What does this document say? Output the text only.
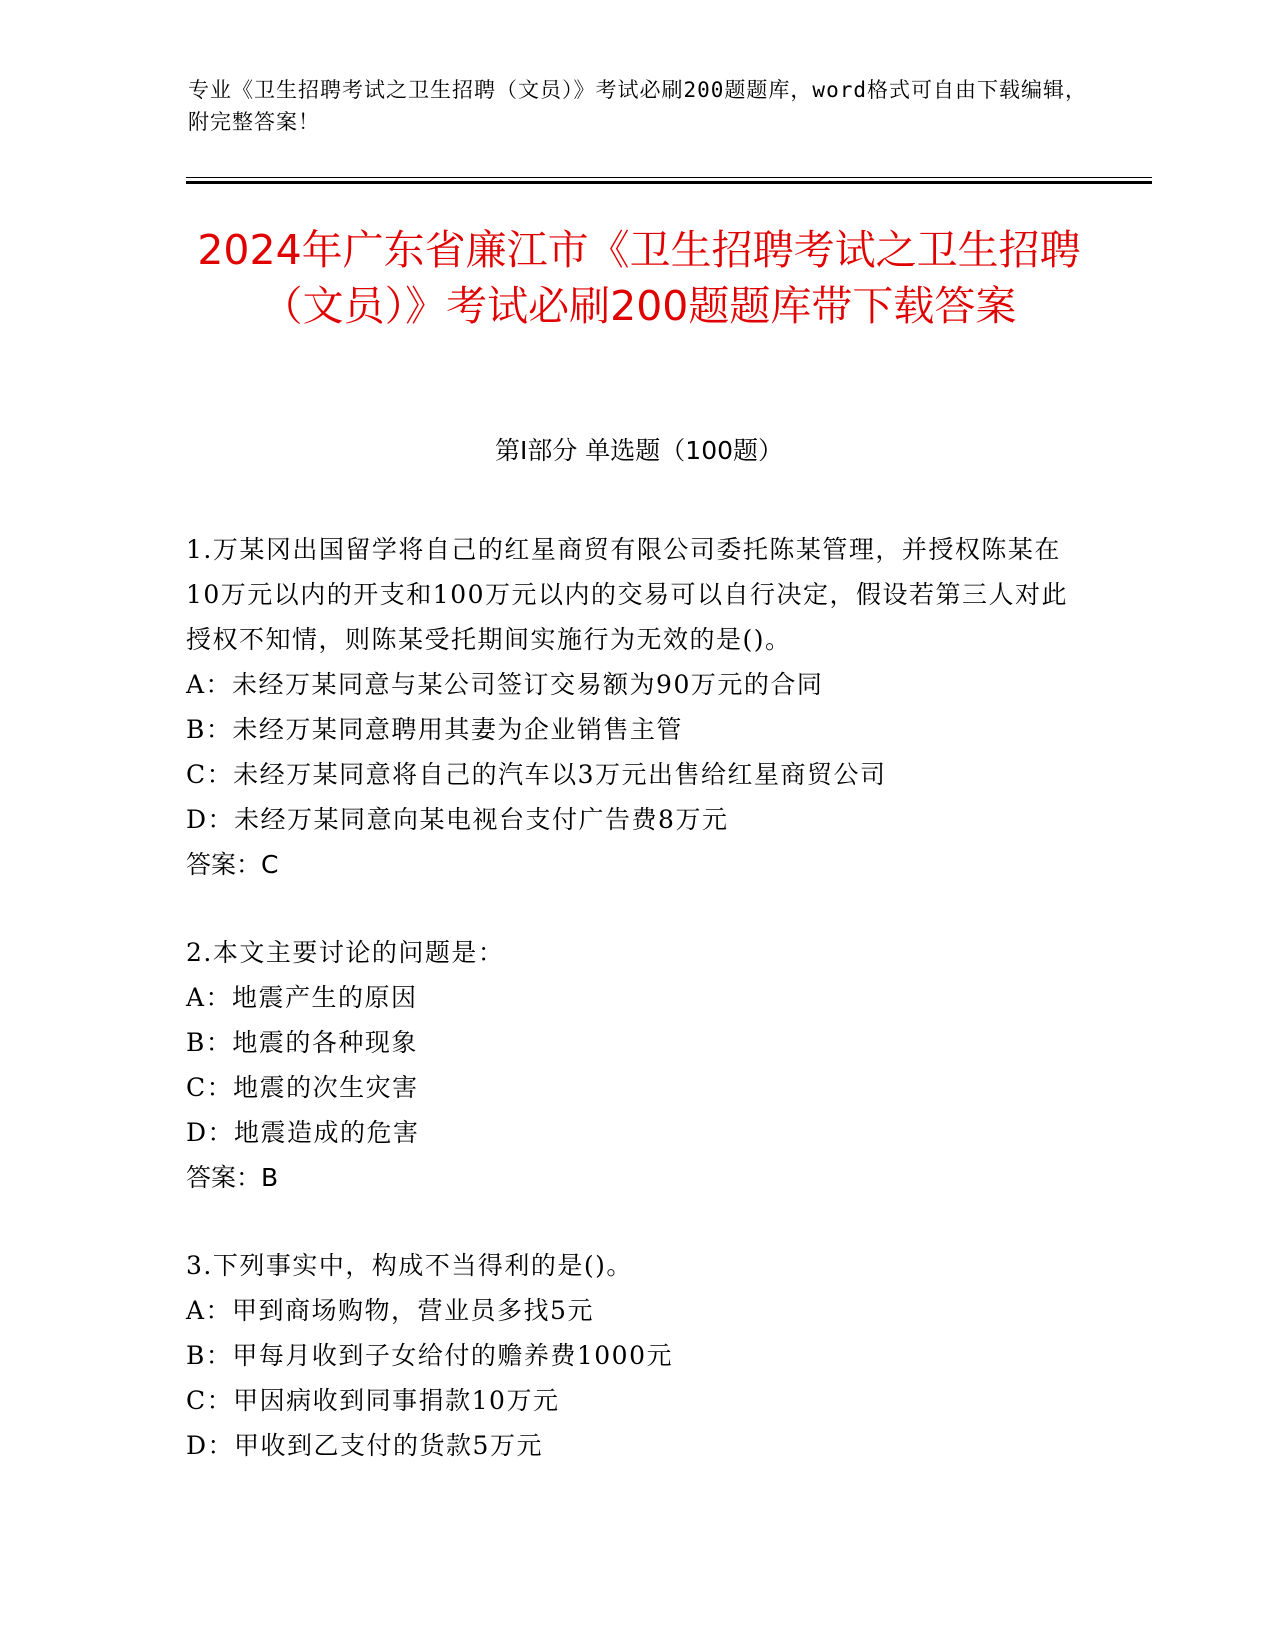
专业《卫生招聘考试之卫生招聘（文员）》考试必刷200题题库，word格式可自由下载编辑，附完整答案！
2024年广东省廉江市《卫生招聘考试之卫生招聘（文员）》考试必刷200题题库带下载答案
第Ⅰ部分 单选题（100题）
1.万某冈出国留学将自己的红星商贸有限公司委托陈某管理，并授权陈某在10万元以内的开支和100万元以内的交易可以自行决定，假设若第三人对此授权不知情，则陈某受托期间实施行为无效的是()。
A：未经万某同意与某公司签订交易额为90万元的合同
B：未经万某同意聘用其妻为企业销售主管
C：未经万某同意将自己的汽车以3万元出售给红星商贸公司
D：未经万某同意向某电视台支付广告费8万元
答案：C
2.本文主要讨论的问题是：
A：地震产生的原因
B：地震的各种现象
C：地震的次生灾害
D：地震造成的危害
答案：B
3.下列事实中，构成不当得利的是()。
A：甲到商场购物，营业员多找5元
B：甲每月收到子女给付的赡养费1000元
C：甲因病收到同事捐款10万元
D：甲收到乙支付的货款5万元
